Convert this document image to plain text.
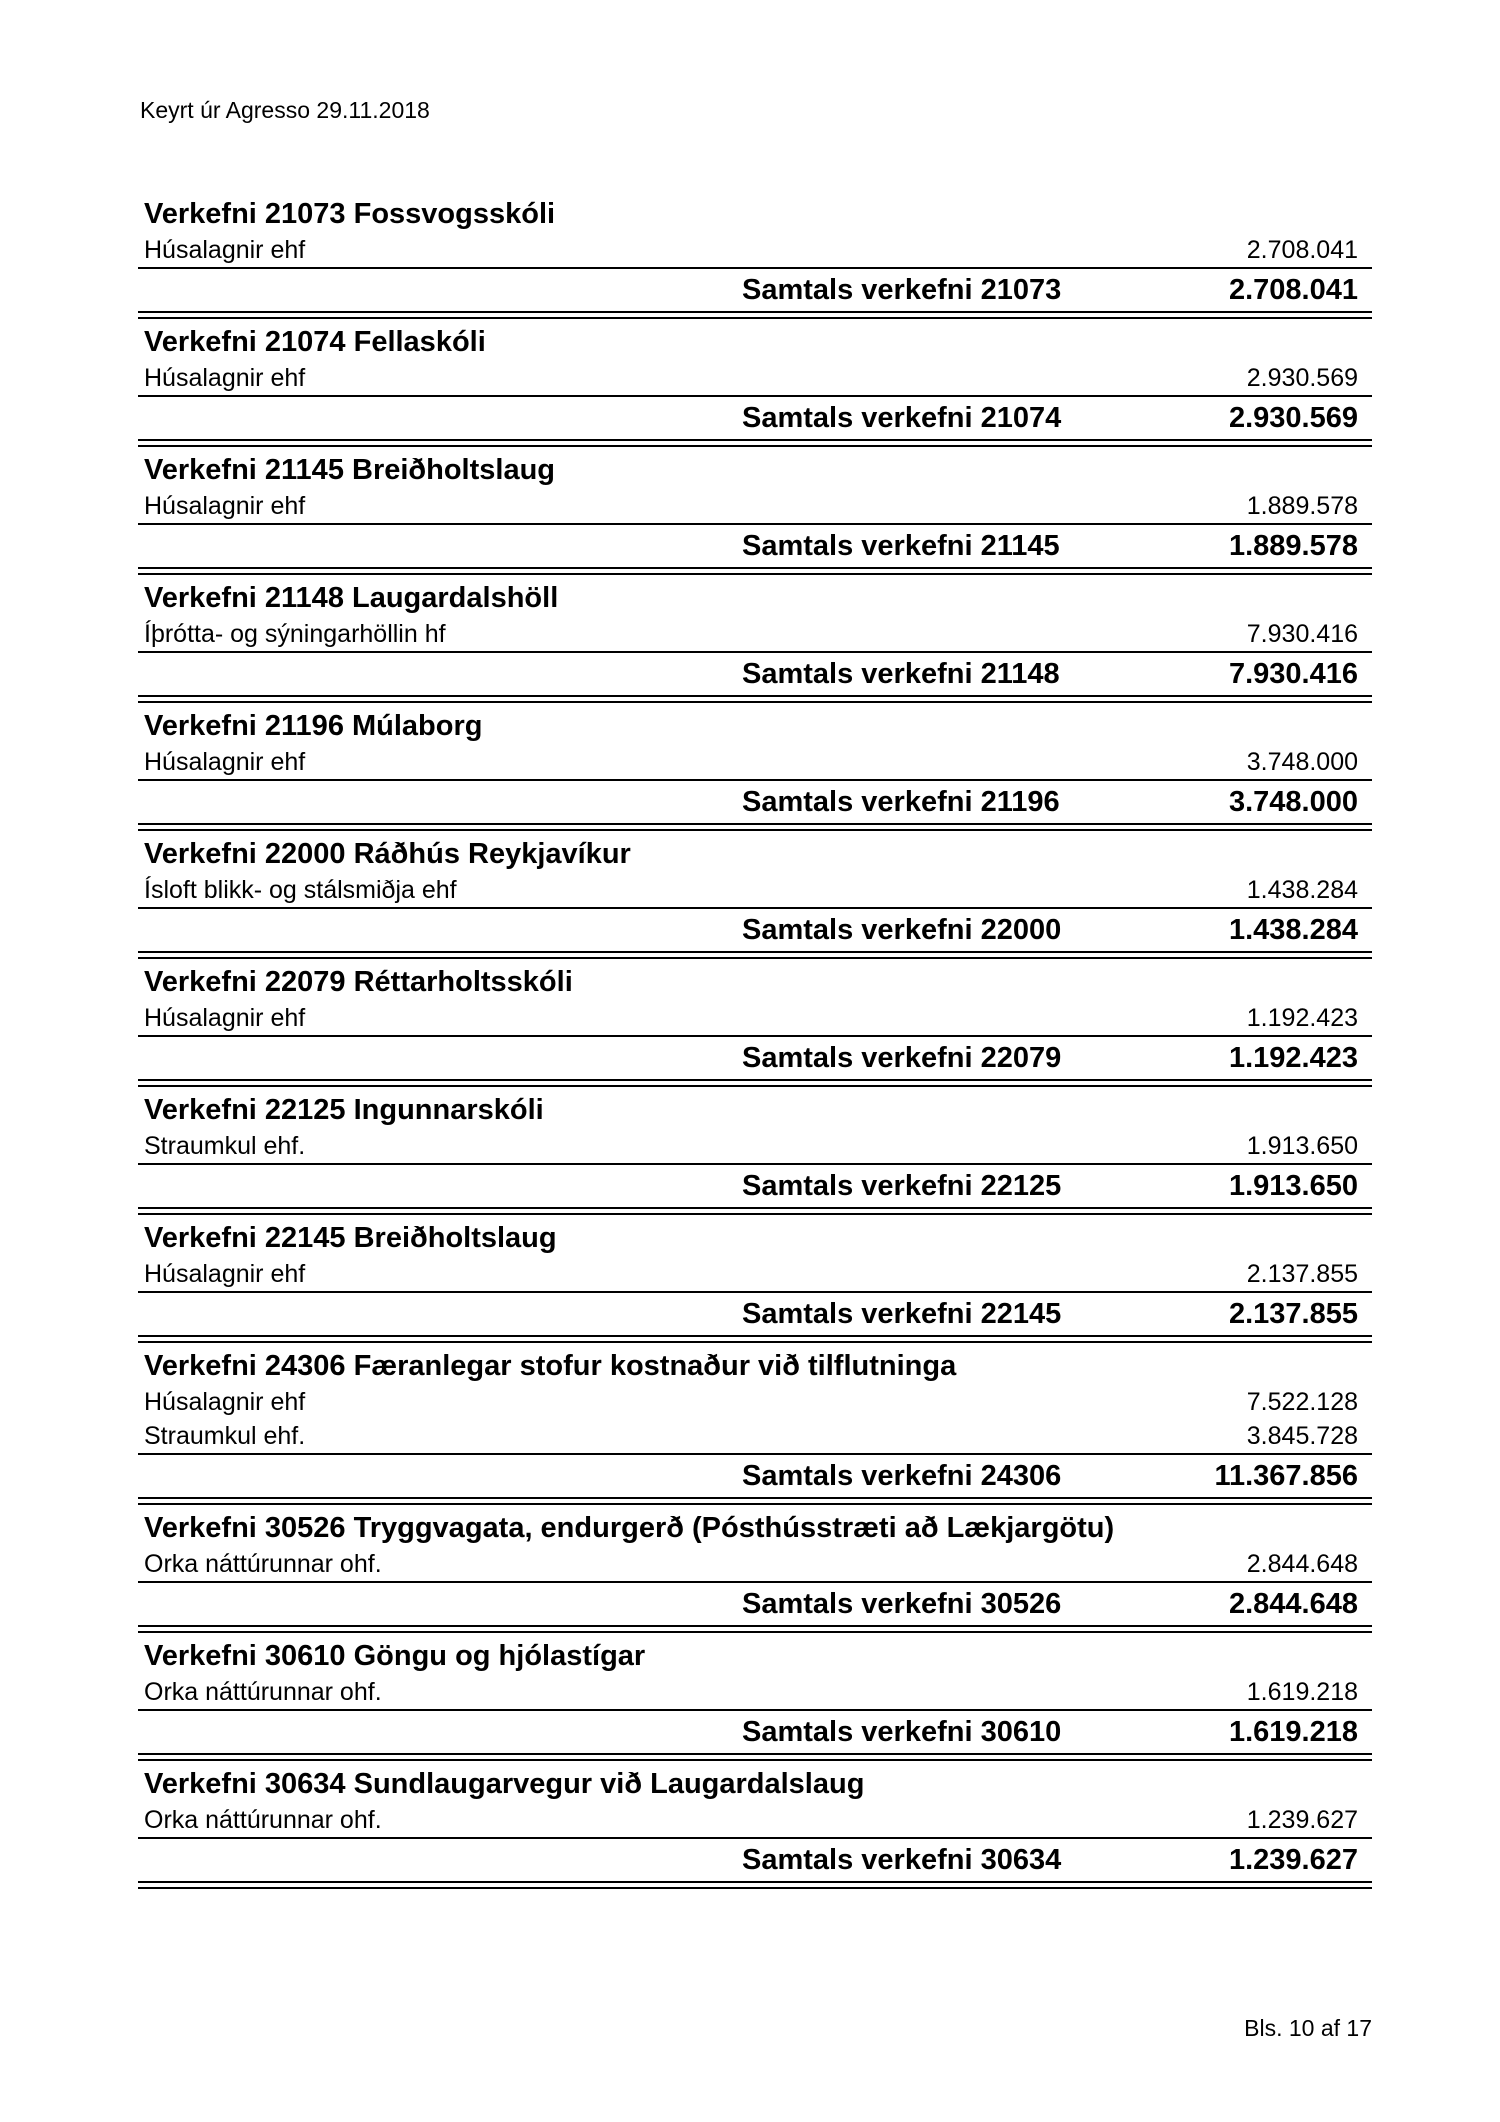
Keyrt úr Agresso 29.11.2018
Verkefni 21073 Fossvogsskóli
Húsalagnir ehf	2.708.041
Samtals verkefni 21073	2.708.041
Verkefni 21074 Fellaskóli
Húsalagnir ehf	2.930.569
Samtals verkefni 21074	2.930.569
Verkefni 21145 Breiðholtslaug
Húsalagnir ehf	1.889.578
Samtals verkefni 21145	1.889.578
Verkefni 21148 Laugardalshöll
Íþrótta- og sýningarhöllin hf	7.930.416
Samtals verkefni 21148	7.930.416
Verkefni 21196 Múlaborg
Húsalagnir ehf	3.748.000
Samtals verkefni 21196	3.748.000
Verkefni 22000 Ráðhús Reykjavíkur
Ísloft blikk- og stálsmiðja ehf	1.438.284
Samtals verkefni 22000	1.438.284
Verkefni 22079 Réttarholtsskóli
Húsalagnir ehf	1.192.423
Samtals verkefni 22079	1.192.423
Verkefni 22125 Ingunnarskóli
Straumkul ehf.	1.913.650
Samtals verkefni 22125	1.913.650
Verkefni 22145 Breiðholtslaug
Húsalagnir ehf	2.137.855
Samtals verkefni 22145	2.137.855
Verkefni 24306 Færanlegar stofur kostnaður við tilflutninga
Húsalagnir ehf	7.522.128
Straumkul ehf.	3.845.728
Samtals verkefni 24306	11.367.856
Verkefni 30526 Tryggvagata, endurgerð (Pósthússtræti að Lækjargötu)
Orka náttúrunnar ohf.	2.844.648
Samtals verkefni 30526	2.844.648
Verkefni 30610 Göngu og hjólastígar
Orka náttúrunnar ohf.	1.619.218
Samtals verkefni 30610	1.619.218
Verkefni 30634 Sundlaugarvegur við Laugardalslaug
Orka náttúrunnar ohf.	1.239.627
Samtals verkefni 30634	1.239.627
Bls. 10 af 17
